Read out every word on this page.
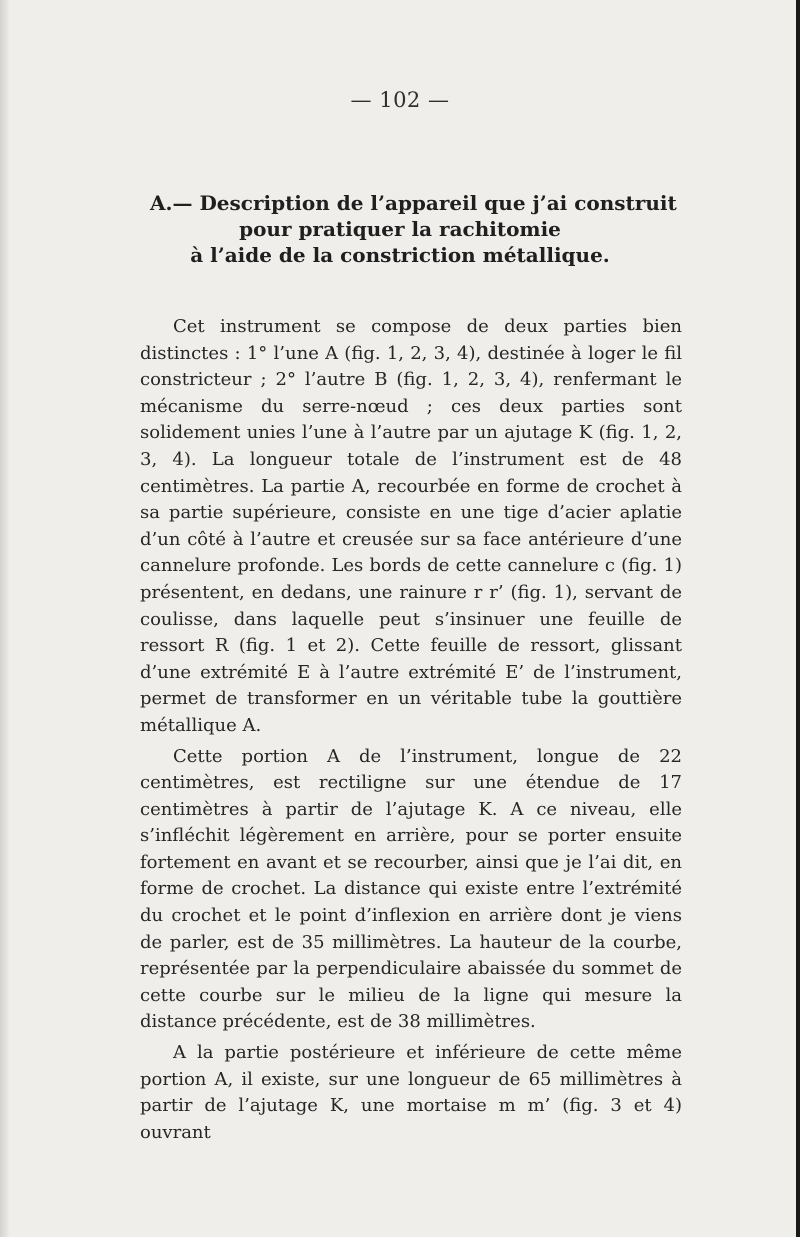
— 102 —
A.— Description de l’appareil que j’ai construit
pour pratiquer la rachitomie
à l’aide de la constriction métallique.

Cet instrument se compose de deux parties bien distinctes : 1° l’une A (fig. 1, 2, 3, 4), destinée à loger le fil constricteur ; 2° l’autre B (fig. 1, 2, 3, 4), renfermant le mécanisme du serre-nœud ; ces deux parties sont solidement unies l’une à l’autre par un ajutage K (fig. 1, 2, 3, 4). La longueur totale de l’instrument est de 48 centimètres. La partie A, recourbée en forme de crochet à sa partie supérieure, consiste en une tige d’acier aplatie d’un côté à l’autre et creusée sur sa face antérieure d’une cannelure profonde. Les bords de cette cannelure c (fig. 1) présentent, en dedans, une rainure r r’ (fig. 1), servant de coulisse, dans laquelle peut s’insinuer une feuille de ressort R (fig. 1 et 2). Cette feuille de ressort, glissant d’une extrémité E à l’autre extrémité E’ de l’instrument, permet de transformer en un véritable tube la gouttière métallique A.

Cette portion A de l’instrument, longue de 22 centimètres, est rectiligne sur une étendue de 17 centimètres à partir de l’ajutage K. A ce niveau, elle s’infléchit légèrement en arrière, pour se porter ensuite fortement en avant et se recourber, ainsi que je l’ai dit, en forme de crochet. La distance qui existe entre l’extrémité du crochet et le point d’inflexion en arrière dont je viens de parler, est de 35 millimètres. La hauteur de la courbe, représentée par la perpendiculaire abaissée du sommet de cette courbe sur le milieu de la ligne qui mesure la distance précédente, est de 38 millimètres.

A la partie postérieure et inférieure de cette même portion A, il existe, sur une longueur de 65 millimètres à partir de l’ajutage K, une mortaise m m’ (fig. 3 et 4) ouvrant
